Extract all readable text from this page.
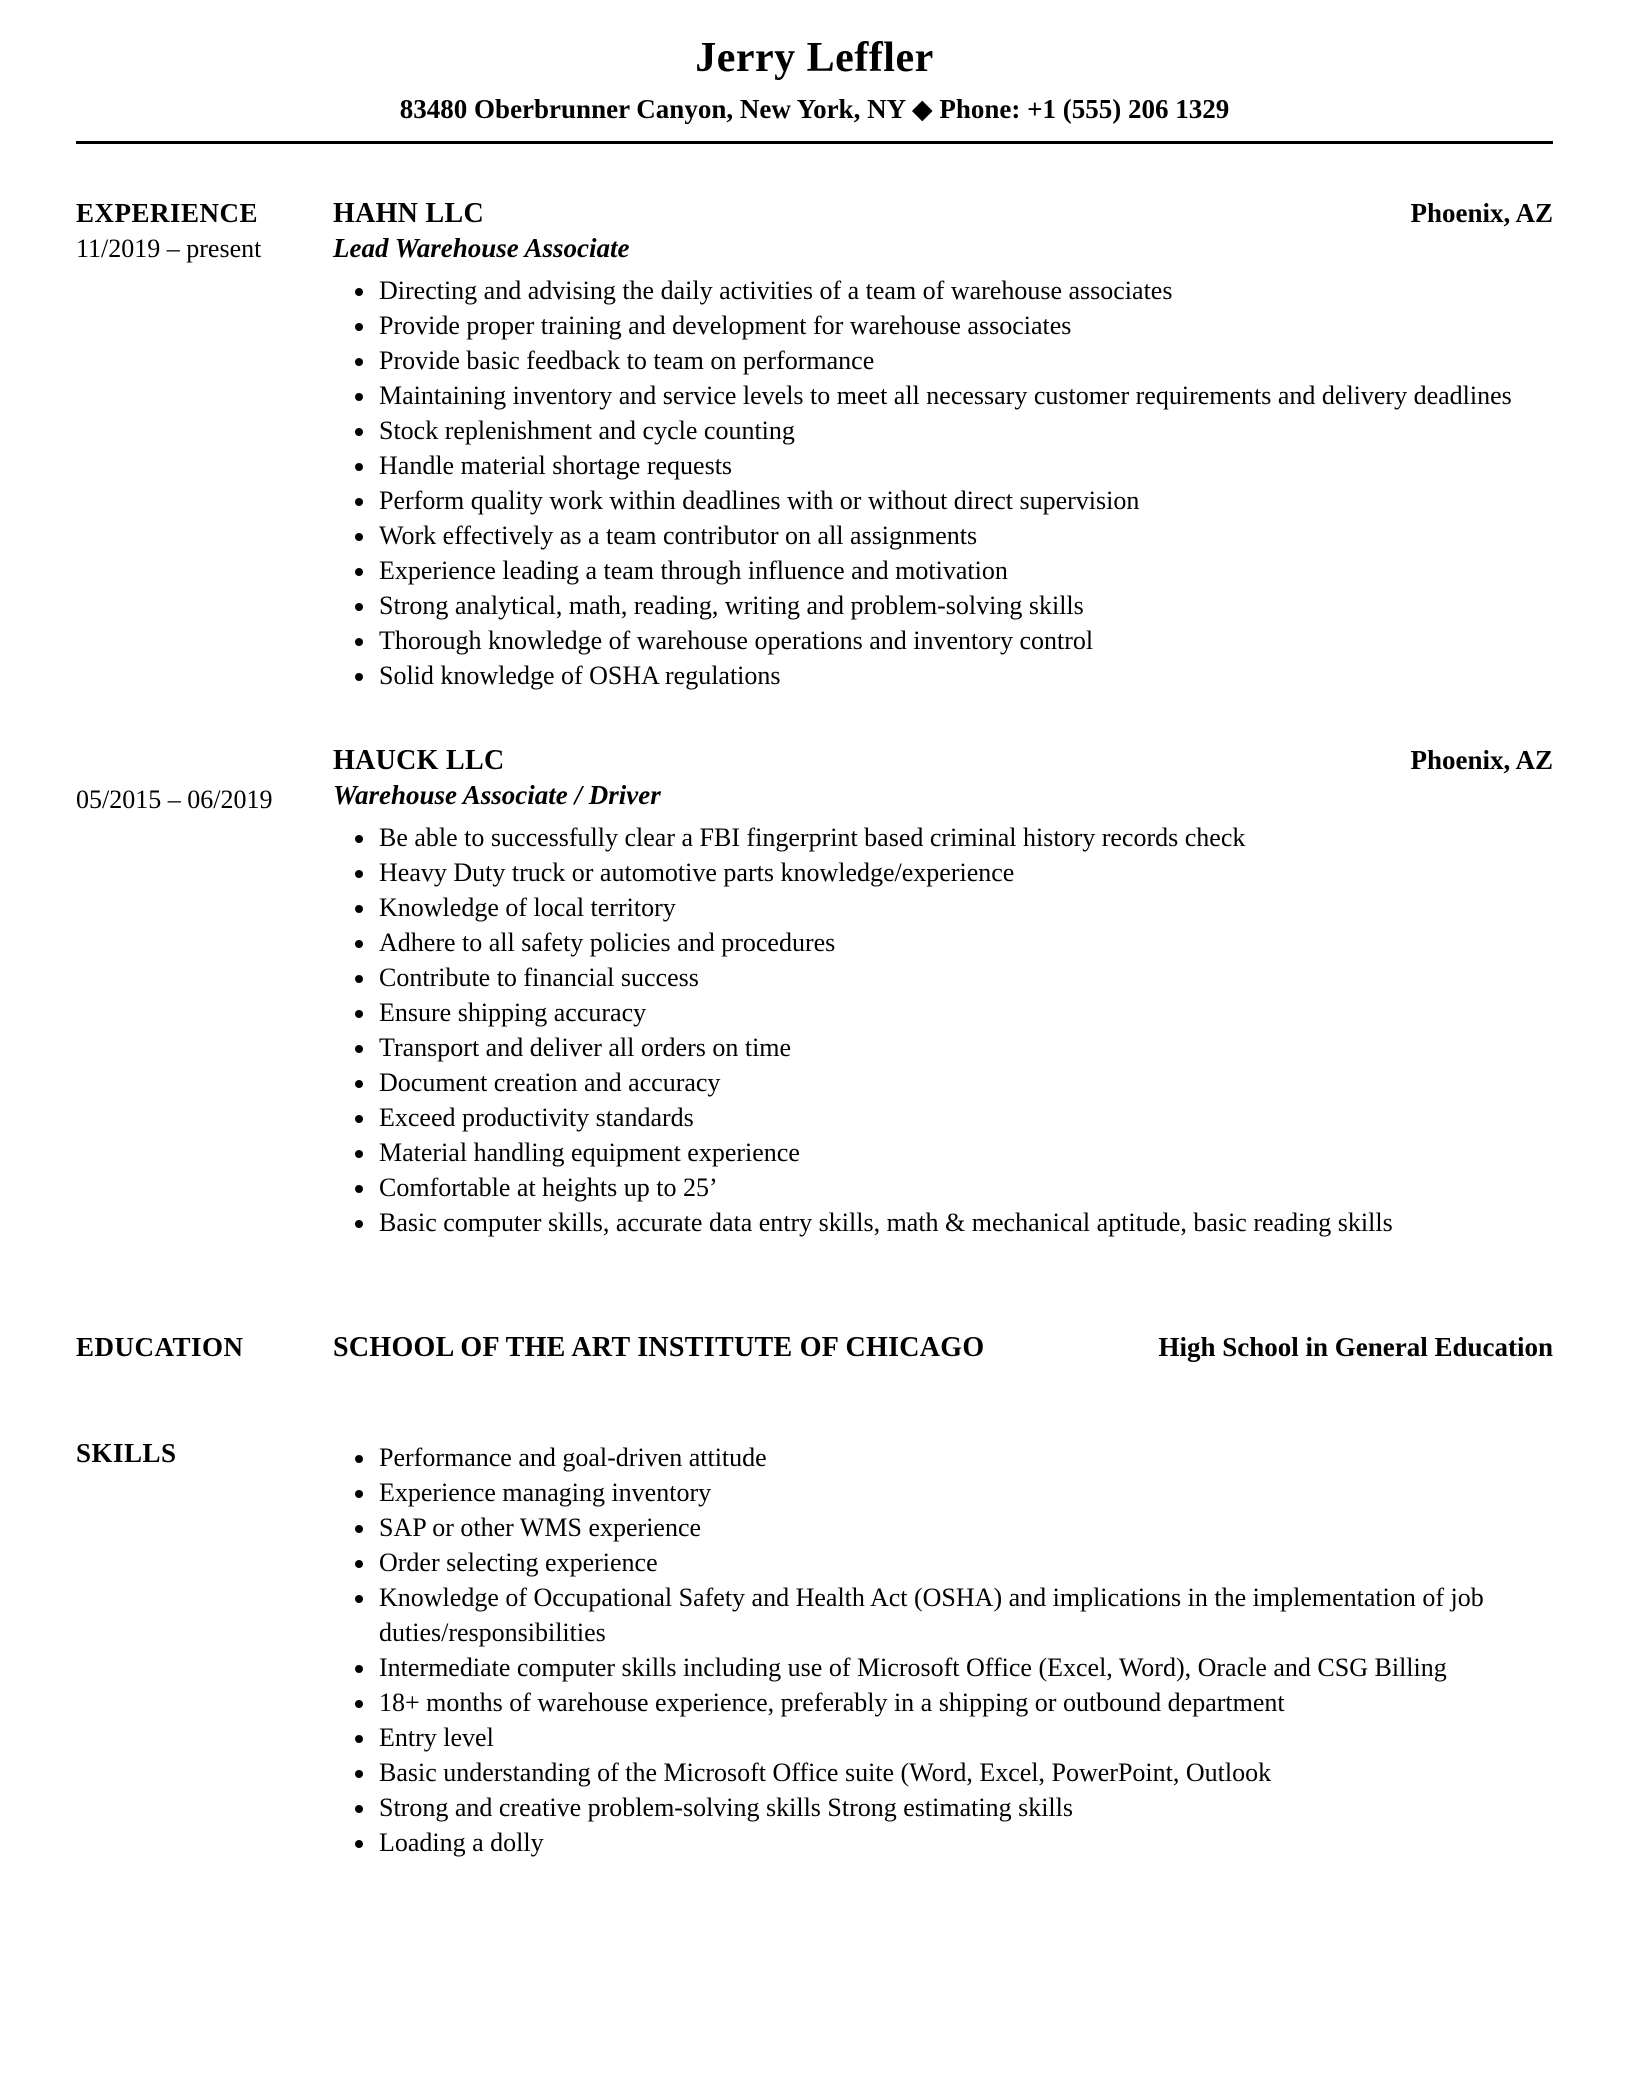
Jerry Leffler
83480 Oberbrunner Canyon, New York, NY ◆ Phone: +1 (555) 206 1329
EXPERIENCE
11/2019 – present
HAHN LLC	Phoenix, AZ
Lead Warehouse Associate
• Directing and advising the daily activities of a team of warehouse associates
• Provide proper training and development for warehouse associates
• Provide basic feedback to team on performance
• Maintaining inventory and service levels to meet all necessary customer requirements and delivery deadlines
• Stock replenishment and cycle counting
• Handle material shortage requests
• Perform quality work within deadlines with or without direct supervision
• Work effectively as a team contributor on all assignments
• Experience leading a team through influence and motivation
• Strong analytical, math, reading, writing and problem-solving skills
• Thorough knowledge of warehouse operations and inventory control
• Solid knowledge of OSHA regulations
05/2015 – 06/2019
HAUCK LLC	Phoenix, AZ
Warehouse Associate / Driver
• Be able to successfully clear a FBI fingerprint based criminal history records check
• Heavy Duty truck or automotive parts knowledge/experience
• Knowledge of local territory
• Adhere to all safety policies and procedures
• Contribute to financial success
• Ensure shipping accuracy
• Transport and deliver all orders on time
• Document creation and accuracy
• Exceed productivity standards
• Material handling equipment experience
• Comfortable at heights up to 25’
• Basic computer skills, accurate data entry skills, math & mechanical aptitude, basic reading skills
EDUCATION	SCHOOL OF THE ART INSTITUTE OF CHICAGO	High School in General Education
SKILLS	• Performance and goal-driven attitude
• Experience managing inventory
• SAP or other WMS experience
• Order selecting experience
• Knowledge of Occupational Safety and Health Act (OSHA) and implications in the implementation of job duties/responsibilities
• Intermediate computer skills including use of Microsoft Office (Excel, Word), Oracle and CSG Billing
• 18+ months of warehouse experience, preferably in a shipping or outbound department
• Entry level
• Basic understanding of the Microsoft Office suite (Word, Excel, PowerPoint, Outlook
• Strong and creative problem-solving skills Strong estimating skills
• Loading a dolly
